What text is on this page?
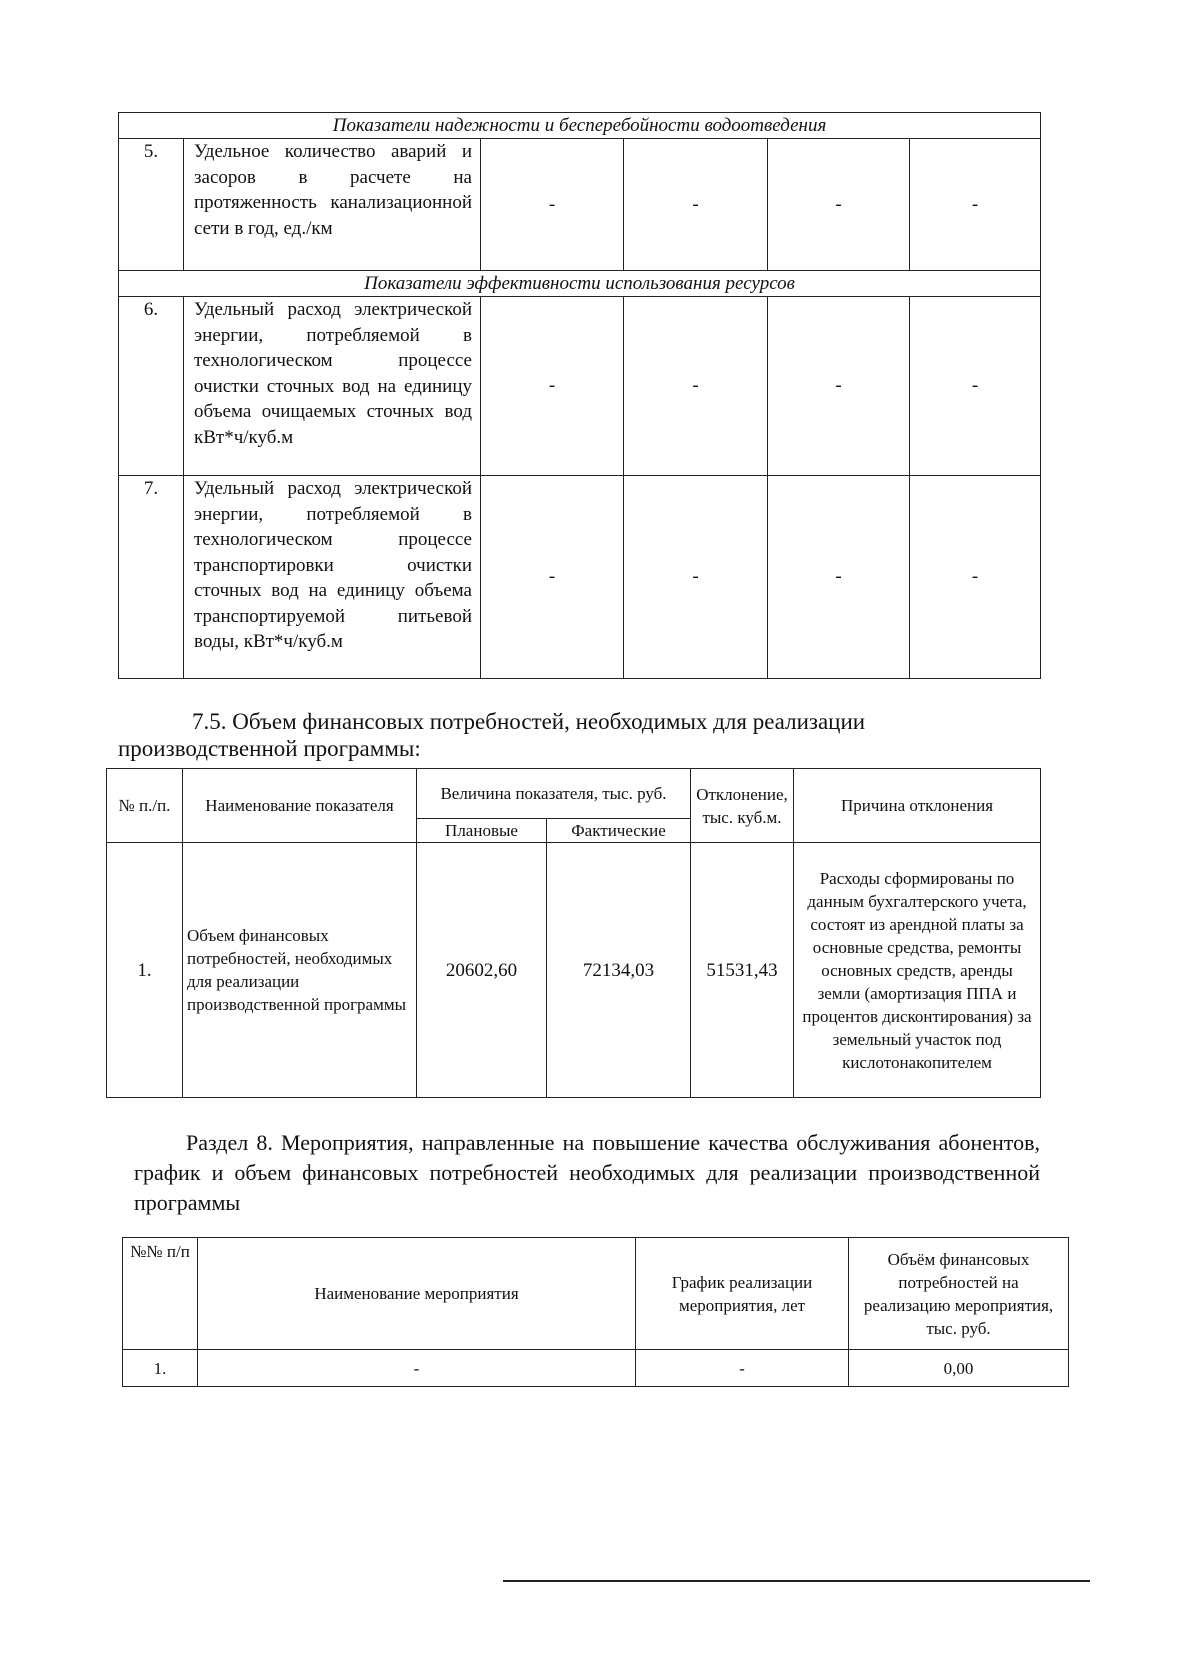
Показатели надежности и бесперебойности водоотведения					
5.	Удельное количество аварий и засоров в расчете на протяженность канализационной сети в год, ед./км	-	-	-	-
Показатели эффективности использования ресурсов					
6.	Удельный расход электрической энергии, потребляемой в технологическом процессе очистки сточных вод на единицу объема очищаемых сточных вод кВт*ч/куб.м	-	-	-	-
7.	Удельный расход электрической энергии, потребляемой в технологическом процессе транспортировки очистки сточных вод на единицу объема транспортируемой питьевой воды, кВт*ч/куб.м	-	-	-	-
7.5. Объем финансовых потребностей, необходимых для реализации
производственной программы:
№ п./п.	Наименование показателя	Величина показателя, тыс. руб.		Отклонение, тыс. куб.м.	Причина отклонения
		Плановые	Фактические		
1.	Объем финансовых потребностей, необходимых для реализации производственной программы	20602,60	72134,03	51531,43	Расходы сформированы по данным бухгалтерского учета, состоят из арендной платы за основные средства, ремонты основных средств, аренды земли (амортизация ППА и процентов дисконтирования) за земельный участок под кислотонакопителем
Раздел 8. Мероприятия, направленные на повышение качества обслуживания абонентов, график и объем финансовых потребностей необходимых для реализации производственной программы
№№ п/п	Наименование мероприятия	График реализации мероприятия, лет	Объём финансовых потребностей на реализацию мероприятия, тыс. руб.
1.	-	-	0,00
